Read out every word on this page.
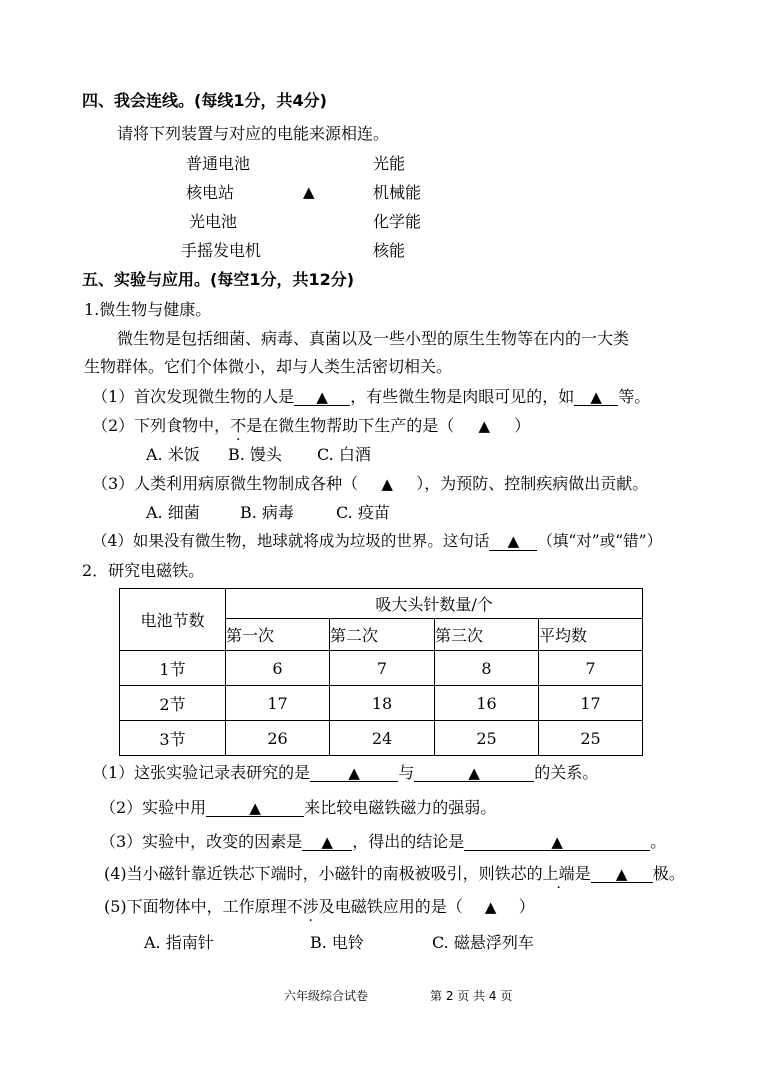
四、我会连线。(每线1分，共4分)
请将下列装置与对应的电能来源相连。
普通电池
核电站
光电池
手摇发电机
▲
光能
机械能
化学能
核能
五、实验与应用。(每空1分，共12分)
1.微生物与健康。
微生物是包括细菌、病毒、真菌以及一些小型的原生生物等在内的一大类
生物群体。它们个体微小，却与人类生活密切相关。
（1）首次发现微生物的人是 ▲ ，有些微生物是肉眼可见的，如 ▲ 等。
（2）下列食物中，不是在微生物帮助下生产的是（ ▲ ）
A. 米饭 B. 馒头 C. 白酒
（3）人类利用病原微生物制成各种（ ▲ ），为预防、控制疾病做出贡献。
A. 细菌	B. 病毒	C. 疫苗
（4）如果没有微生物，地球就将成为垃圾的世界。这句话 ▲ （填“对”或“错”）
2．研究电磁铁。
电池节数	吸大头针数量/个			
	第一次	第二次	第三次	平均数
1节	6	7	8	7
2节	17	18	16	17
3节	26	24	25	25
（1）这张实验记录表研究的是	▲ 与	▲	的关系。
（2）实验中用	▲	来比较电磁铁磁力的强弱。
（3）实验中，改变的因素是 ▲ ，得出的结论是	▲	。
(4)当小磁针靠近铁芯下端时，小磁针的南极被吸引，则铁芯的上端是 ▲ 极。
(5)下面物体中，工作原理不涉及电磁铁应用的是（ ▲ ）
A. 指南针	B. 电铃	C. 磁悬浮列车
六年级综合试卷	第 2 页 共 4 页
